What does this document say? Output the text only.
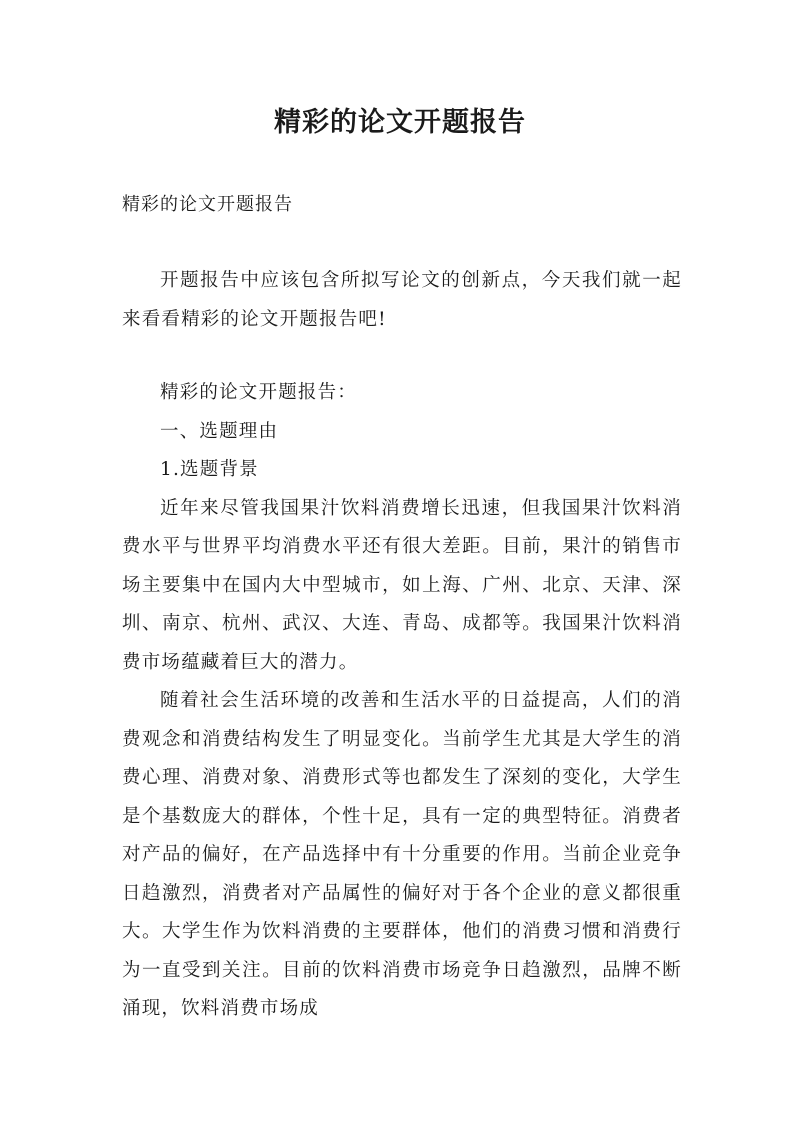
精彩的论文开题报告
精彩的论文开题报告
开题报告中应该包含所拟写论文的创新点，今天我们就一起来看看精彩的论文开题报告吧!
精彩的论文开题报告：
一、选题理由
1.选题背景
近年来尽管我国果汁饮料消费增长迅速，但我国果汁饮料消费水平与世界平均消费水平还有很大差距。目前，果汁的销售市场主要集中在国内大中型城市，如上海、广州、北京、天津、深圳、南京、杭州、武汉、大连、青岛、成都等。我国果汁饮料消费市场蕴藏着巨大的潜力。
随着社会生活环境的改善和生活水平的日益提高，人们的消费观念和消费结构发生了明显变化。当前学生尤其是大学生的消费心理、消费对象、消费形式等也都发生了深刻的变化，大学生是个基数庞大的群体，个性十足，具有一定的典型特征。消费者对产品的偏好，在产品选择中有十分重要的作用。当前企业竞争日趋激烈，消费者对产品属性的偏好对于各个企业的意义都很重大。大学生作为饮料消费的主要群体，他们的消费习惯和消费行为一直受到关注。目前的饮料消费市场竞争日趋激烈，品牌不断涌现，饮料消费市场成
